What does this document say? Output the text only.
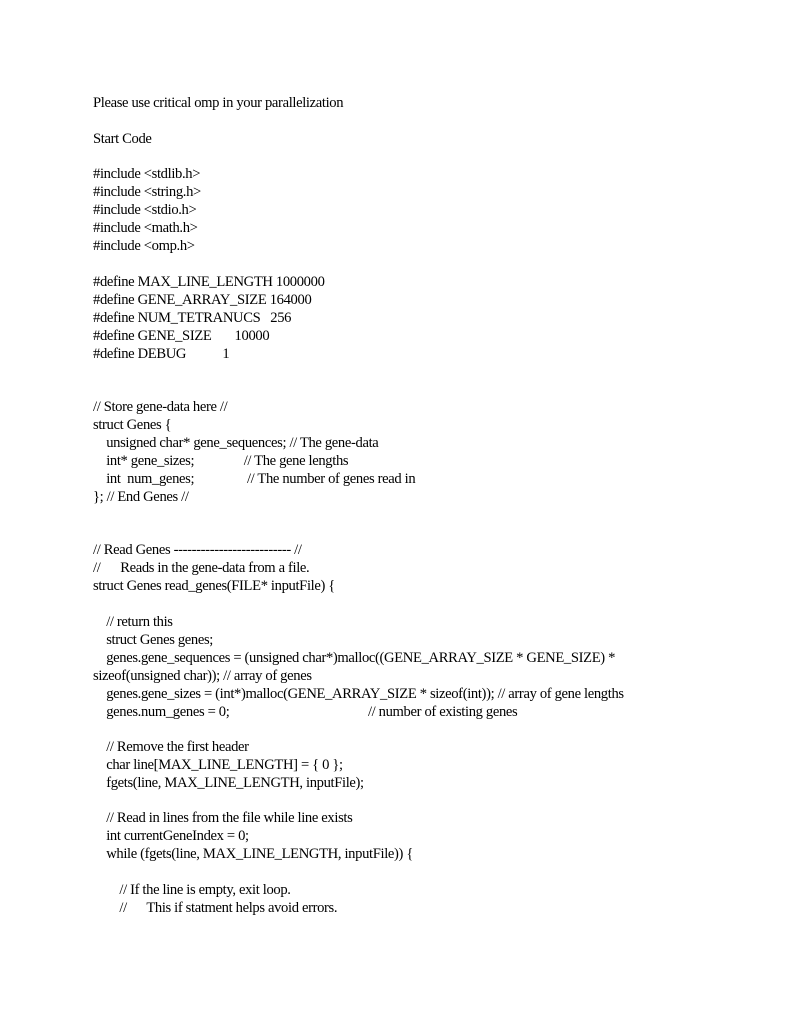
Please use critical omp in your parallelization
Start Code
#include <stdlib.h>
#include <string.h>
#include <stdio.h>
#include <math.h>
#include <omp.h>
#define MAX_LINE_LENGTH 1000000
#define GENE_ARRAY_SIZE 164000
#define NUM_TETRANUCS   256
#define GENE_SIZE       10000
#define DEBUG           1
// Store gene-data here //
struct Genes {
unsigned char* gene_sequences; // The gene-data
int* gene_sizes;               // The gene lengths
int  num_genes;                // The number of genes read in
}; // End Genes //
// Read Genes -------------------------- //
//      Reads in the gene-data from a file.
struct Genes read_genes(FILE* inputFile) {
// return this
struct Genes genes;
genes.gene_sequences = (unsigned char*)malloc((GENE_ARRAY_SIZE * GENE_SIZE) *
sizeof(unsigned char)); // array of genes
genes.gene_sizes = (int*)malloc(GENE_ARRAY_SIZE * sizeof(int)); // array of gene lengths
genes.num_genes = 0;                                          // number of existing genes
// Remove the first header
char line[MAX_LINE_LENGTH] = { 0 };
fgets(line, MAX_LINE_LENGTH, inputFile);
// Read in lines from the file while line exists
int currentGeneIndex = 0;
while (fgets(line, MAX_LINE_LENGTH, inputFile)) {
// If the line is empty, exit loop.
//      This if statment helps avoid errors.
